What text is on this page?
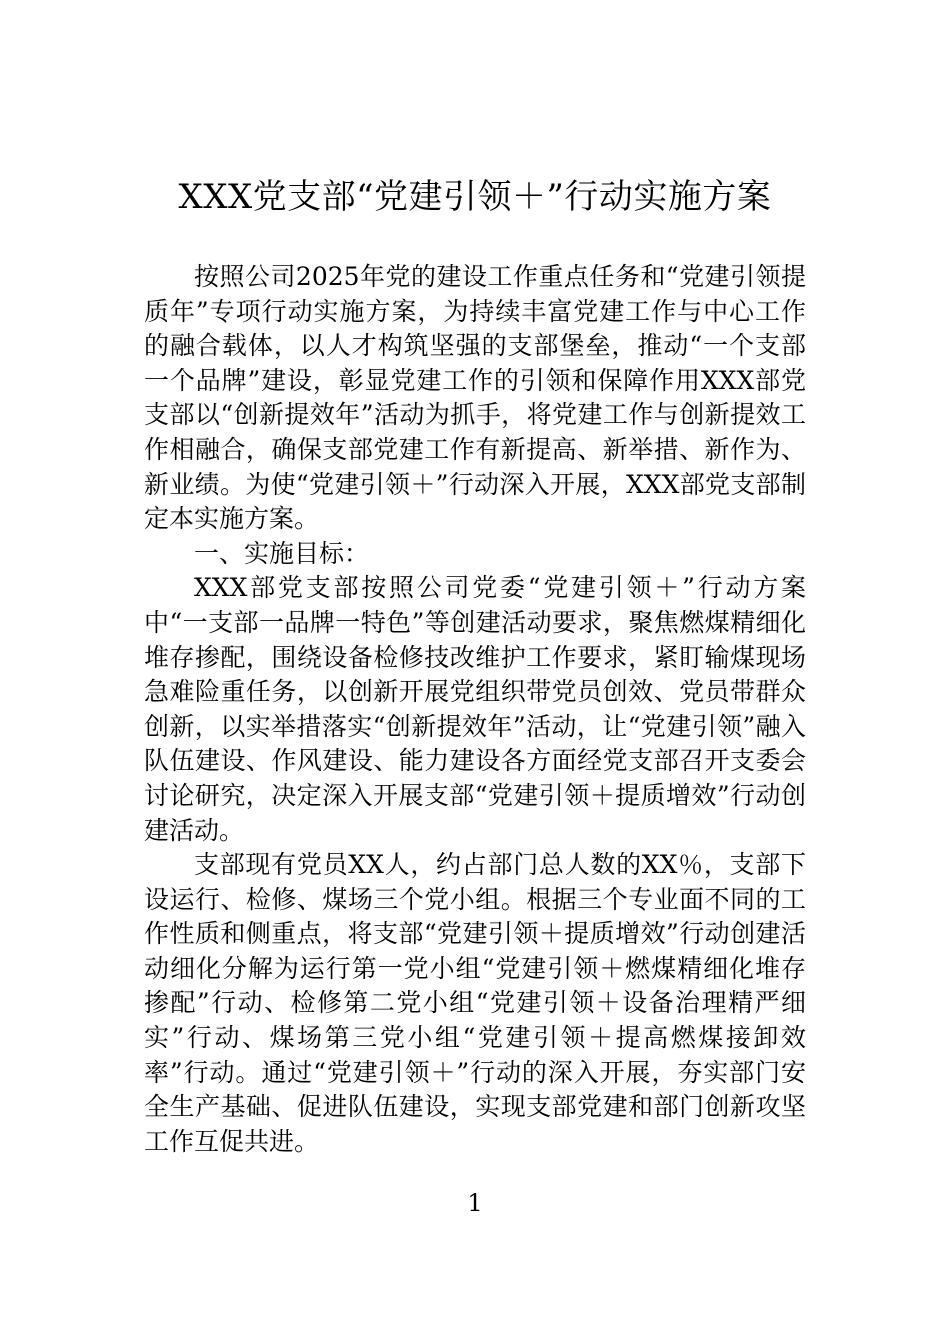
XXX党支部“党建引领＋”行动实施方案

按照公司2025年党的建设工作重点任务和“党建引领提质年”专项行动实施方案，为持续丰富党建工作与中心工作的融合载体，以人才构筑坚强的支部堡垒，推动“一个支部一个品牌”建设，彰显党建工作的引领和保障作用XXX部党支部以“创新提效年”活动为抓手，将党建工作与创新提效工作相融合，确保支部党建工作有新提高、新举措、新作为、新业绩。为使“党建引领＋”行动深入开展，XXX部党支部制定本实施方案。

一、实施目标：

XXX部党支部按照公司党委“党建引领＋”行动方案中“一支部一品牌一特色”等创建活动要求，聚焦燃煤精细化堆存掺配，围绕设备检修技改维护工作要求，紧盯输煤现场急难险重任务，以创新开展党组织带党员创效、党员带群众创新，以实举措落实“创新提效年”活动，让“党建引领”融入队伍建设、作风建设、能力建设各方面经党支部召开支委会讨论研究，决定深入开展支部“党建引领＋提质增效”行动创建活动。

支部现有党员XX人，约占部门总人数的XX％，支部下设运行、检修、煤场三个党小组。根据三个专业面不同的工作性质和侧重点，将支部“党建引领＋提质增效”行动创建活动细化分解为运行第一党小组“党建引领＋燃煤精细化堆存掺配”行动、检修第二党小组“党建引领＋设备治理精严细实”行动、煤场第三党小组“党建引领＋提高燃煤接卸效率”行动。通过“党建引领＋”行动的深入开展，夯实部门安全生产基础、促进队伍建设，实现支部党建和部门创新攻坚工作互促共进。

1
